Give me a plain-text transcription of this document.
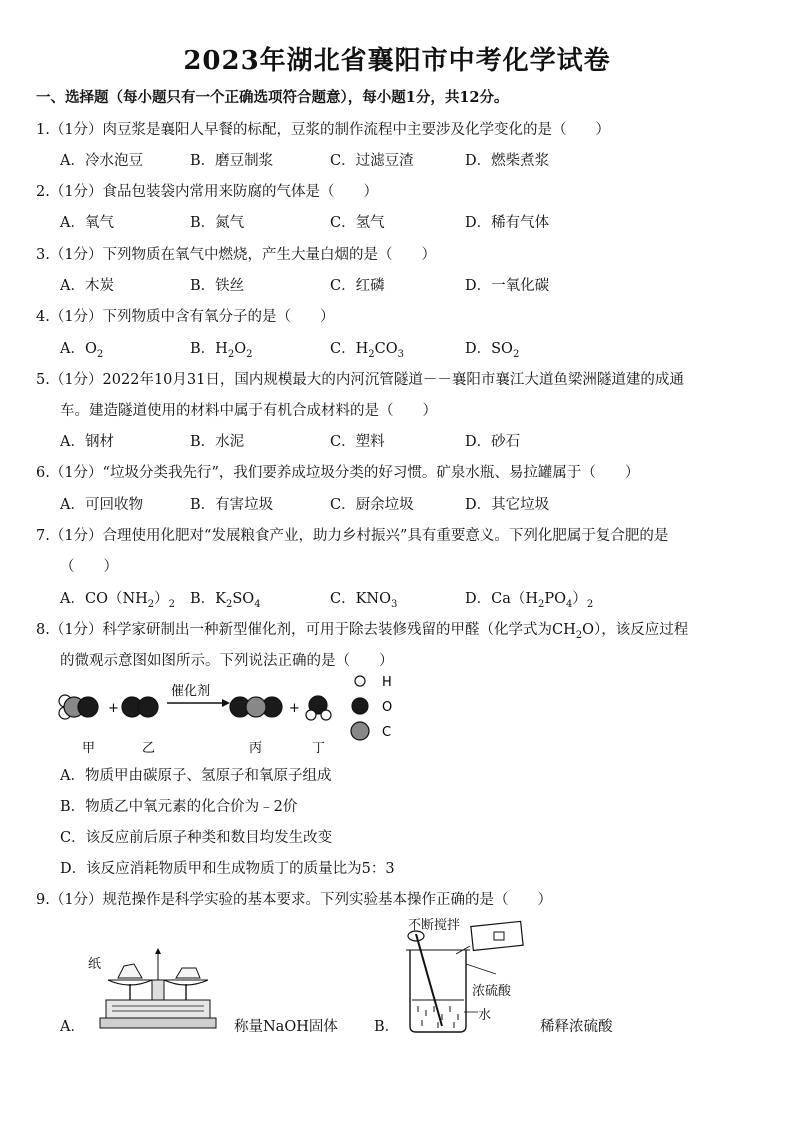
2023年湖北省襄阳市中考化学试卷
一、选择题（每小题只有一个正确选项符合题意），每小题1分，共12分。
1.（1分）肉豆浆是襄阳人早餐的标配，豆浆的制作流程中主要涉及化学变化的是（　　）
A．冷水泡豆	B．磨豆制浆	C．过滤豆渣	D．燃柴煮浆
2.（1分）食品包装袋内常用来防腐的气体是（　　）
A．氧气	B．氮气	C．氢气	D．稀有气体
3.（1分）下列物质在氧气中燃烧，产生大量白烟的是（　　）
A．木炭	B．铁丝	C．红磷	D．一氧化碳
4.（1分）下列物质中含有氧分子的是（　　）
A．$O_2$	B．$H_2O_2$	C．$H_2CO_3$	D．$SO_2$
5.（1分）2022年10月31日，国内规模最大的内河沉管隧道－－襄阳市襄江大道鱼梁洲隧道建的成通
车。建造隧道使用的材料中属于有机合成材料的是（　　）
A．钢材	B．水泥	C．塑料	D．砂石
6.（1分）“垃圾分类我先行”，我们要养成垃圾分类的好习惯。矿泉水瓶、易拉罐属于（　　）
A．可回收物	B．有害垃圾	C．厨余垃圾	D．其它垃圾
7.（1分）合理使用化肥对“发展粮食产业，助力乡村振兴”具有重要意义。下列化肥属于复合肥的是
（　　）
A．$CO(NH_2)_2$ B．$K_2SO_4$	C．$KNO_3$	D．$Ca(H_2PO_4)_2$
8.（1分）科学家研制出一种新型催化剂，可用于除去装修残留的甲醛（化学式为$CH_2O$），该反应过程
的微观示意图如图所示。下列说法正确的是（　　）
+
催化剂
+
H
O
C
甲	乙	丙	丁
A．物质甲由碳原子、氢原子和氧原子组成
B．物质乙中氧元素的化合价为﹣2价
C．该反应前后原子种类和数目均发生改变
D．该反应消耗物质甲和生成物质丁的质量比为5：3
9.（1分）规范操作是科学实验的基本要求。下列实验基本操作正确的是（　　）
A．
纸
称量NaOH固体 B．
不断搅拌
浓硫酸
水
稀释浓硫酸
